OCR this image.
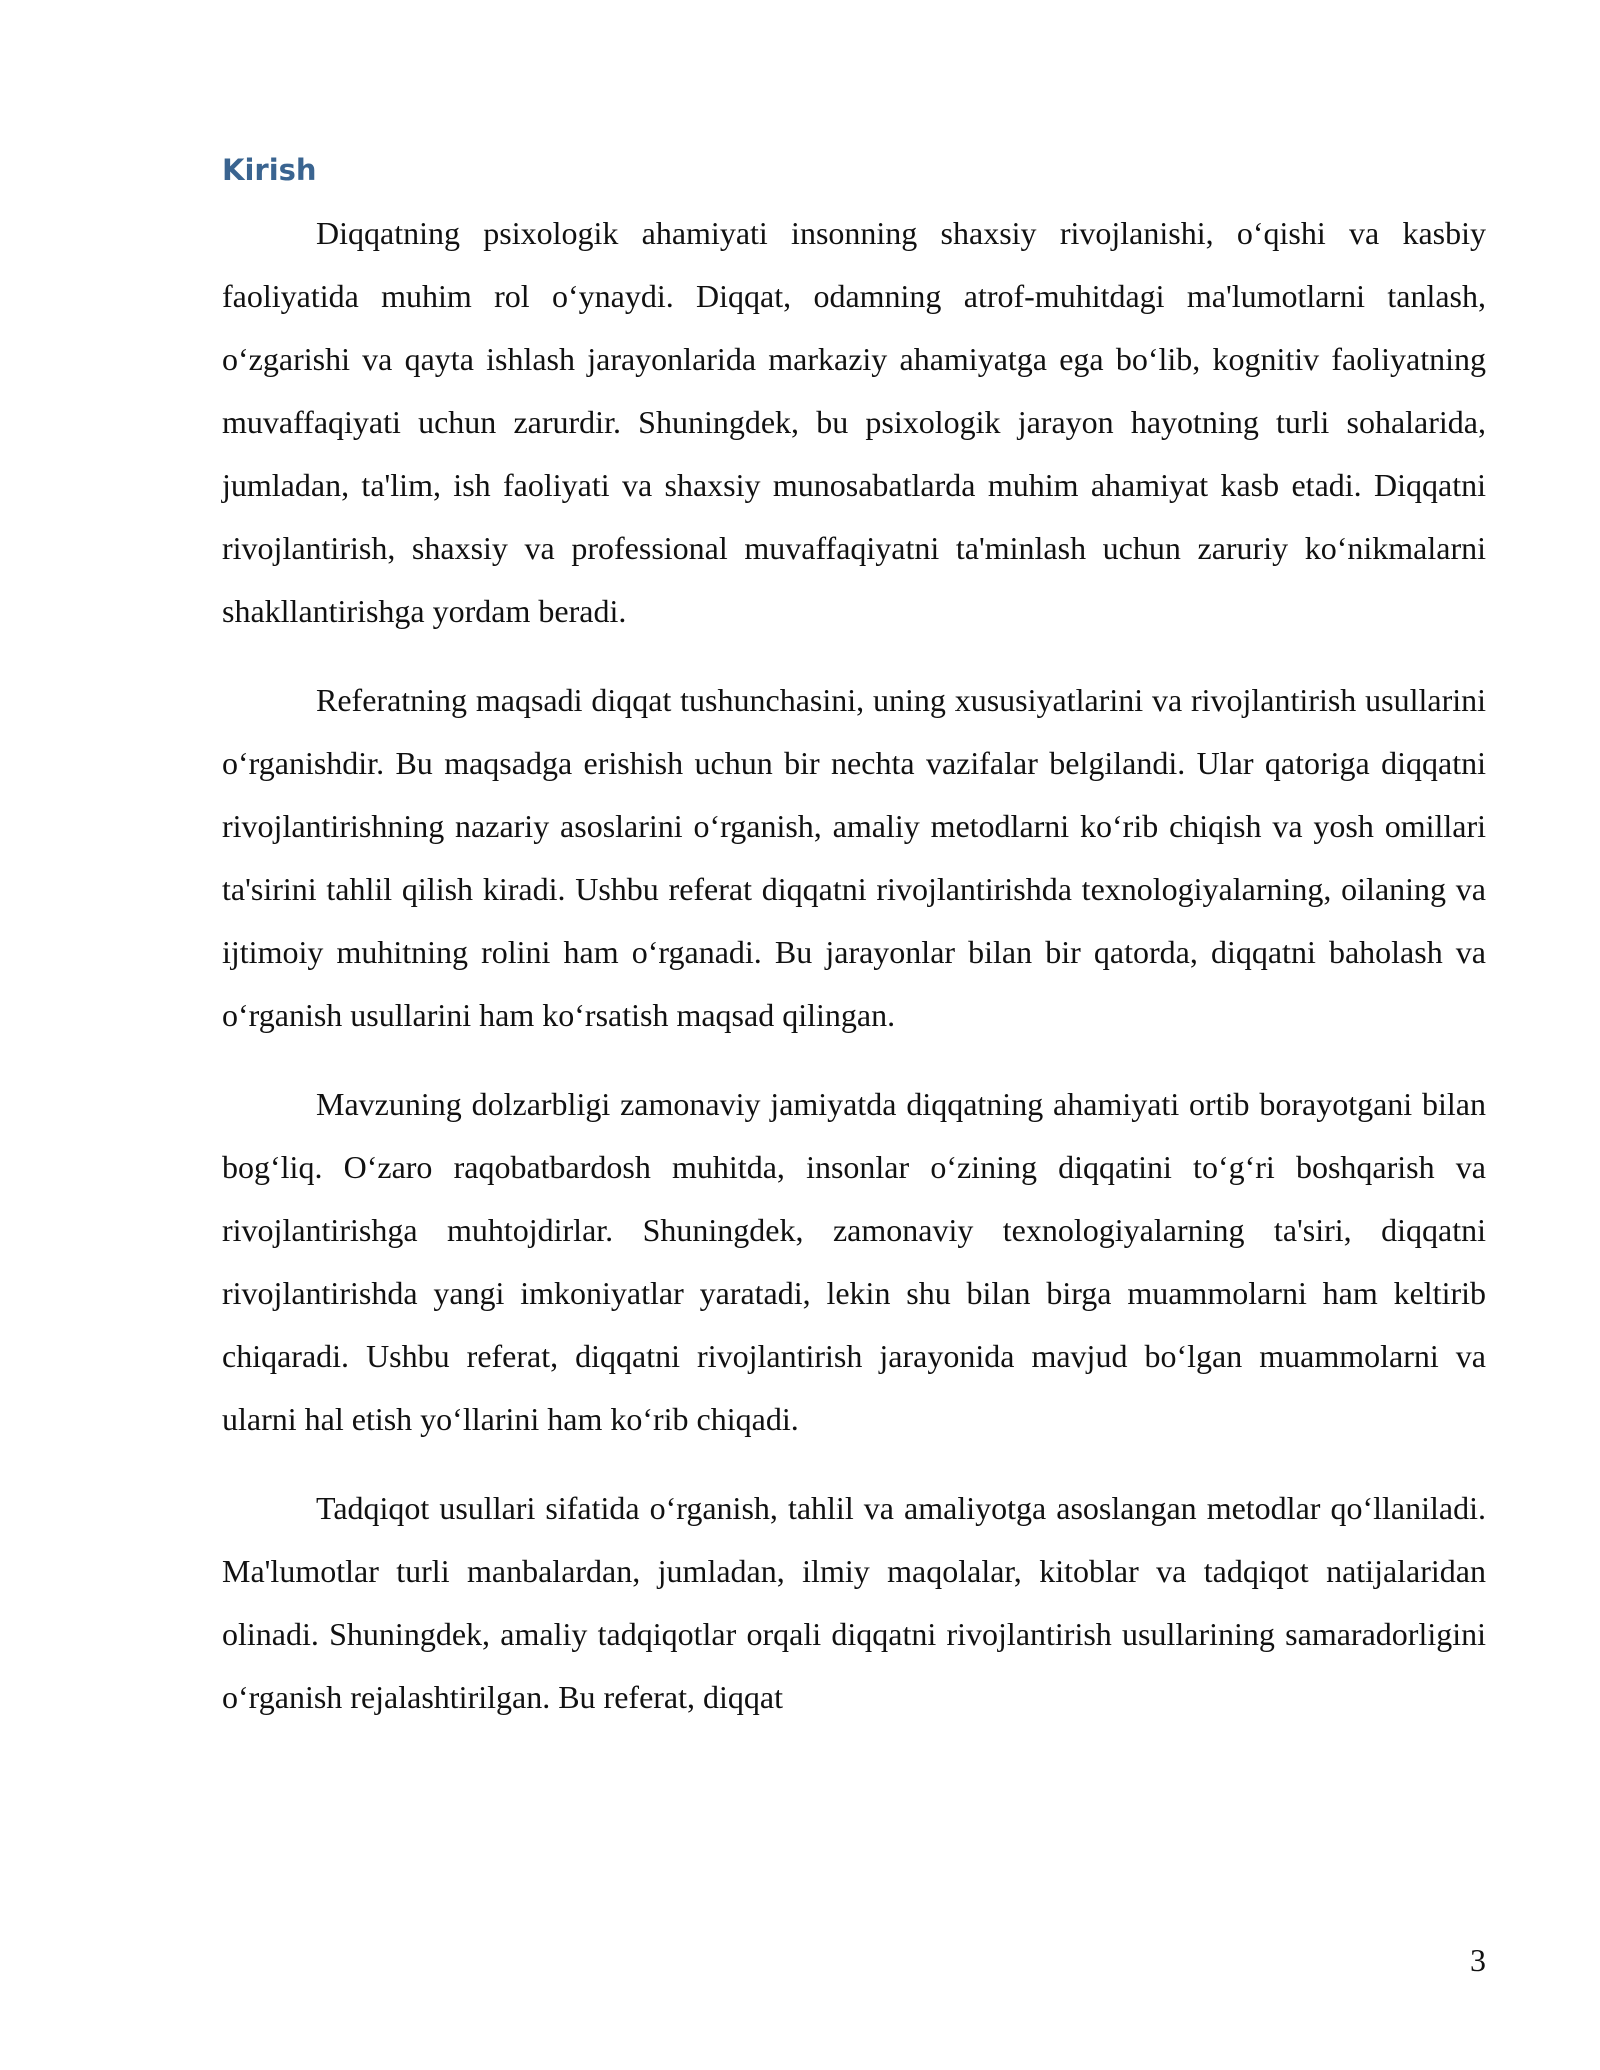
Kirish

Diqqatning psixologik ahamiyati insonning shaxsiy rivojlanishi, o‘qishi va kasbiy faoliyatida muhim rol o‘ynaydi. Diqqat, odamning atrof-muhitdagi ma'lumotlarni tanlash, o‘zgarishi va qayta ishlash jarayonlarida markaziy ahamiyatga ega bo‘lib, kognitiv faoliyatning muvaffaqiyati uchun zarurdir. Shuningdek, bu psixologik jarayon hayotning turli sohalarida, jumladan, ta'lim, ish faoliyati va shaxsiy munosabatlarda muhim ahamiyat kasb etadi. Diqqatni rivojlantirish, shaxsiy va professional muvaffaqiyatni ta'minlash uchun zaruriy ko‘nikmalarni shakllantirishga yordam beradi.

Referatning maqsadi diqqat tushunchasini, uning xususiyatlarini va rivojlantirish usullarini o‘rganishdir. Bu maqsadga erishish uchun bir nechta vazifalar belgilandi. Ular qatoriga diqqatni rivojlantirishning nazariy asoslarini o‘rganish, amaliy metodlarni ko‘rib chiqish va yosh omillari ta'sirini tahlil qilish kiradi. Ushbu referat diqqatni rivojlantirishda texnologiyalarning, oilaning va ijtimoiy muhitning rolini ham o‘rganadi. Bu jarayonlar bilan bir qatorda, diqqatni baholash va o‘rganish usullarini ham ko‘rsatish maqsad qilingan.

Mavzuning dolzarbligi zamonaviy jamiyatda diqqatning ahamiyati ortib borayotgani bilan bog‘liq. O‘zaro raqobatbardosh muhitda, insonlar o‘zining diqqatini to‘g‘ri boshqarish va rivojlantirishga muhtojdirlar. Shuningdek, zamonaviy texnologiyalarning ta'siri, diqqatni rivojlantirishda yangi imkoniyatlar yaratadi, lekin shu bilan birga muammolarni ham keltirib chiqaradi. Ushbu referat, diqqatni rivojlantirish jarayonida mavjud bo‘lgan muammolarni va ularni hal etish yo‘llarini ham ko‘rib chiqadi.

Tadqiqot usullari sifatida o‘rganish, tahlil va amaliyotga asoslangan metodlar qo‘llaniladi. Ma'lumotlar turli manbalardan, jumladan, ilmiy maqolalar, kitoblar va tadqiqot natijalaridan olinadi. Shuningdek, amaliy tadqiqotlar orqali diqqatni rivojlantirish usullarining samaradorligini o‘rganish rejalashtirilgan. Bu referat, diqqat

3
